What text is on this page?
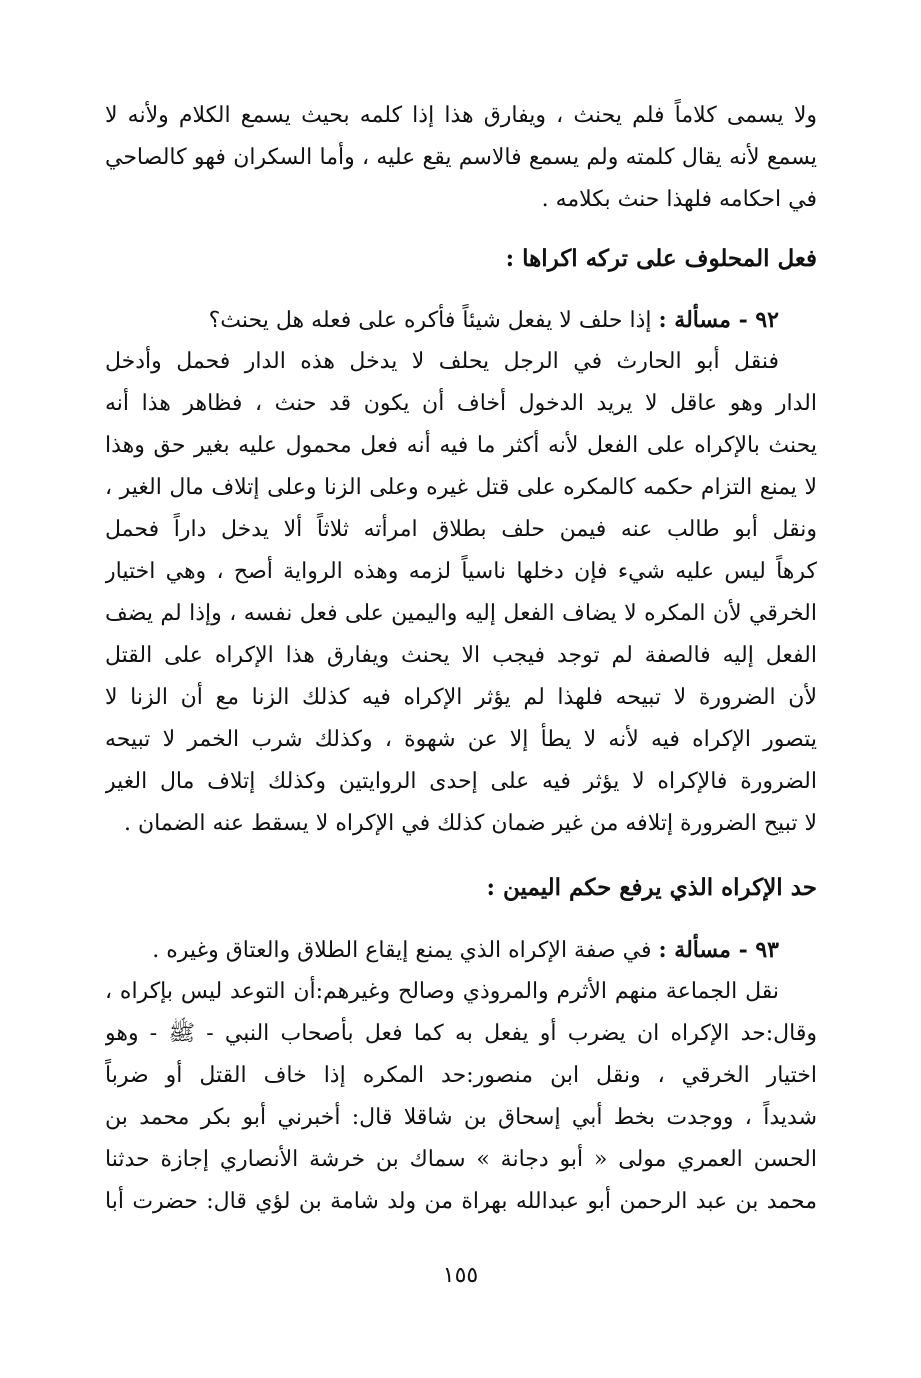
ولا يسمى كلاماً فلم يحنث ، ويفارق هذا إذا كلمه بحيث يسمع الكلام ولأنه لا
يسمع لأنه يقال كلمته ولم يسمع فالاسم يقع عليه ، وأما السكران فهو كالصاحي
في احكامه فلهذا حنث بكلامه .
فعل المحلوف على تركه اكراها :
٩٢ - مسألة : إذا حلف لا يفعل شيئاً فأكره على فعله هل يحنث؟
فنقل أبو الحارث في الرجل يحلف لا يدخل هذه الدار فحمل وأدخل
الدار وهو عاقل لا يريد الدخول أخاف أن يكون قد حنث ، فظاهر هذا أنه
يحنث بالإكراه على الفعل لأنه أكثر ما فيه أنه فعل محمول عليه بغير حق وهذا
لا يمنع التزام حكمه كالمكره على قتل غيره وعلى الزنا وعلى إتلاف مال الغير ،
ونقل أبو طالب عنه فيمن حلف بطلاق امرأته ثلاثاً ألا يدخل داراً فحمل
كرهاً ليس عليه شيء فإن دخلها ناسياً لزمه وهذه الرواية أصح ، وهي اختيار
الخرقي لأن المكره لا يضاف الفعل إليه واليمين على فعل نفسه ، وإذا لم يضف
الفعل إليه فالصفة لم توجد فيجب الا يحنث ويفارق هذا الإكراه على القتل
لأن الضرورة لا تبيحه فلهذا لم يؤثر الإكراه فيه كذلك الزنا مع أن الزنا لا
يتصور الإكراه فيه لأنه لا يطأ إلا عن شهوة ، وكذلك شرب الخمر لا تبيحه
الضرورة فالإكراه لا يؤثر فيه على إحدى الروايتين وكذلك إتلاف مال الغير
لا تبيح الضرورة إتلافه من غير ضمان كذلك في الإكراه لا يسقط عنه الضمان .
حد الإكراه الذي يرفع حكم اليمين :
٩٣ - مسألة : في صفة الإكراه الذي يمنع إيقاع الطلاق والعتاق وغيره .
نقل الجماعة منهم الأثرم والمروذي وصالح وغيرهم:أن التوعد ليس بإكراه ،
وقال:حد الإكراه ان يضرب أو يفعل به كما فعل بأصحاب النبي - ﷺ - وهو
اختيار الخرقي ، ونقل ابن منصور:حد المكره إذا خاف القتل أو ضرباً
شديداً ، ووجدت بخط أبي إسحاق بن شاقلا قال: أخبرني أبو بكر محمد بن
الحسن العمري مولى « أبو دجانة » سماك بن خرشة الأنصاري إجازة حدثنا
محمد بن عبد الرحمن أبو عبدالله بهراة من ولد شامة بن لؤي قال: حضرت أبا
١٥٥
